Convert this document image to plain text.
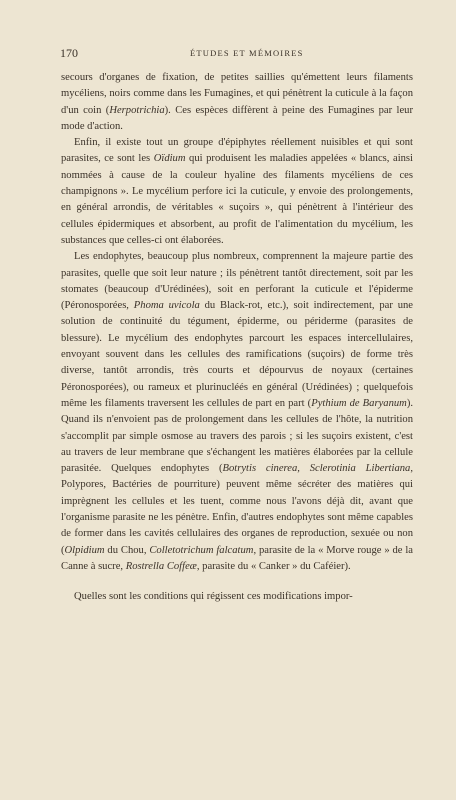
170	ÉTUDES ET MÉMOIRES

secours d'organes de fixation, de petites saillies qu'émettent leurs filaments mycéliens, noirs comme dans les Fumagines, et qui pénètrent la cuticule à la façon d'un coin (Herpotrichia). Ces espèces diffèrent à peine des Fumagines par leur mode d'action.

Enfin, il existe tout un groupe d'épiphytes réellement nuisibles et qui sont parasites, ce sont les Oïdium qui produisent les maladies appelées « blancs, ainsi nommées à cause de la couleur hyaline des filaments mycéliens de ces champignons ». Le mycélium perfore ici la cuticule, y envoie des prolongements, en général arrondis, de véritables « suçoirs », qui pénètrent à l'intérieur des cellules épidermiques et absorbent, au profit de l'alimentation du mycélium, les substances que celles-ci ont élaborées.

Les endophytes, beaucoup plus nombreux, comprennent la majeure partie des parasites, quelle que soit leur nature ; ils pénètrent tantôt directement, soit par les stomates (beaucoup d'Urédinées), soit en perforant la cuticule et l'épiderme (Péronosporées, Phoma uvicola du Black-rot, etc.), soit indirectement, par une solution de continuité du tégument, épiderme, ou périderme (parasites de blessure). Le mycélium des endophytes parcourt les espaces intercellulaires, envoyant souvent dans les cellules des ramifications (suçoirs) de forme très diverse, tantôt arrondis, très courts et dépourvus de noyaux (certaines Péronosporées), ou rameux et plurinucléés en général (Urédinées) ; quelquefois même les filaments traversent les cellules de part en part (Pythium de Baryanum). Quand ils n'envoient pas de prolongement dans les cellules de l'hôte, la nutrition s'accomplit par simple osmose au travers des parois ; si les suçoirs existent, c'est au travers de leur membrane que s'échangent les matières élaborées par la cellule parasitée. Quelques endophytes (Botrytis cinerea, Sclerotinia Libertiana, Polypores, Bactéries de pourriture) peuvent même sécréter des matières qui imprègnent les cellules et les tuent, comme nous l'avons déjà dit, avant que l'organisme parasite ne les pénètre. Enfin, d'autres endophytes sont même capables de former dans les cavités cellulaires des organes de reproduction, sexuée ou non (Olpidium du Chou, Colletotrichum falcatum, parasite de la « Morve rouge » de la Canne à sucre, Rostrella Coffeæ, parasite du « Canker » du Caféier).

Quelles sont les conditions qui régissent ces modifications impor-
